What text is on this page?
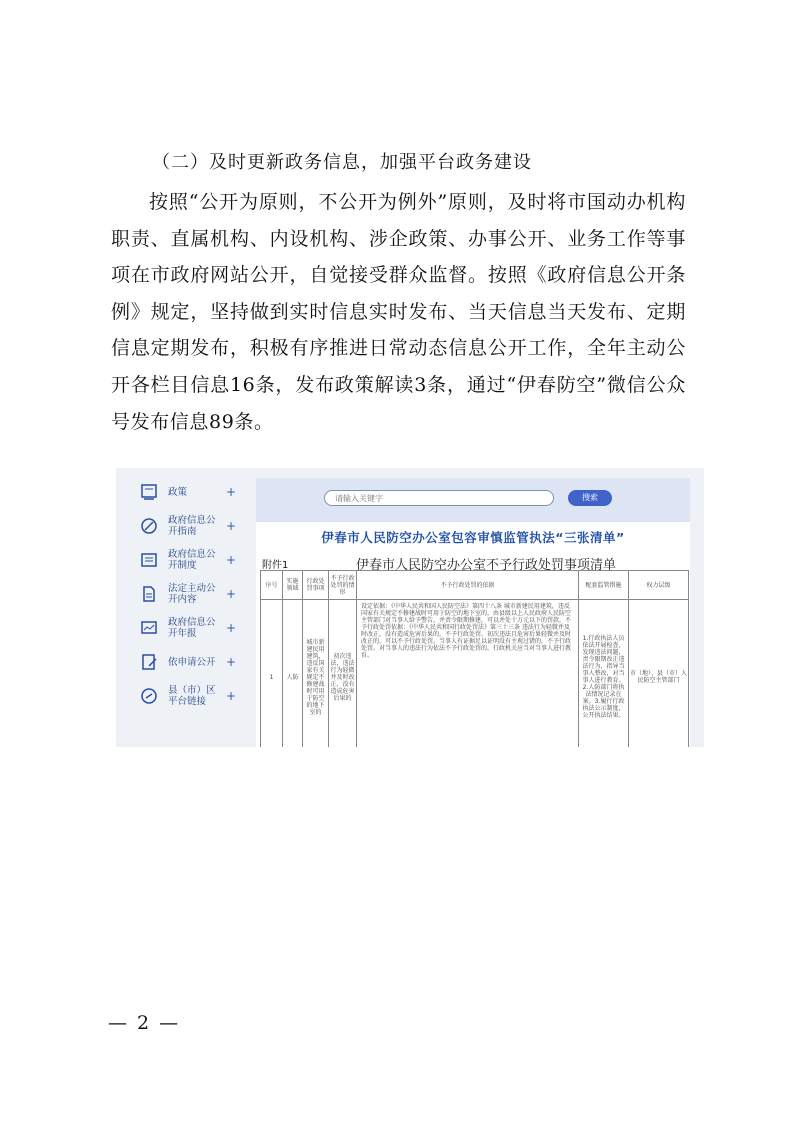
（二）及时更新政务信息，加强平台政务建设

按照“公开为原则，不公开为例外”原则，及时将市国动办机构职责、直属机构、内设机构、涉企政策、办事公开、业务工作等事项在市政府网站公开，自觉接受群众监督。按照《政府信息公开条例》规定，坚持做到实时信息实时发布、当天信息当天发布、定期信息定期发布，积极有序推进日常动态信息公开工作，全年主动公开各栏目信息16条，发布政策解读3条，通过“伊春防空”微信公众号发布信息89条。

政策	+
政府信息公开指南	+
政府信息公开制度	+
法定主动公开内容	+
政府信息公开年报	+
依申请公开 +
县（市）区平台链接	+
请输入关键字
搜索
伊春市人民防空办公室包容审慎监管执法“三张清单”
附件1	伊春市人民防空办公室不予行政处罚事项清单
序号	实施领域	行政处罚事项	不予行政处罚的情形	不予行政处罚的依据	配套监管措施	权力层级
1	人防	城市新建民用建筑，违反国家有关规定不修建战时可用于防空的地下室的	初次违法，违法行为轻微并及时改正，没有造成危害后果的	设定依据：《中华人民共和国人民防空法》第四十八条 城市新建民用建筑，违反国家有关规定不修建战时可用于防空的地下室的，由县级以上人民政府人民防空主管部门对当事人给予警告，并责令限期修建，可以并处十万元以下的罚款。不予行政处罚依据：《中华人民共和国行政处罚法》第三十三条 违法行为轻微并及时改正，没有造成危害后果的，不予行政处罚。初次违法且危害后果轻微并及时改正的，可以不予行政处罚。当事人有证据足以证明没有主观过错的，不予行政处罚。对当事人的违法行为依法不予行政处罚的，行政机关应当对当事人进行教育。	1.行政执法人员依法开展检查，发现违法问题，责令限期改正违法行为，指导当事人整改，对当事人进行教育。2.人防部门将执法情况记录在案。3.履行行政执法公示制度，公开执法结果。	市（地）、县（市）人民防空主管部门
— 2 —
